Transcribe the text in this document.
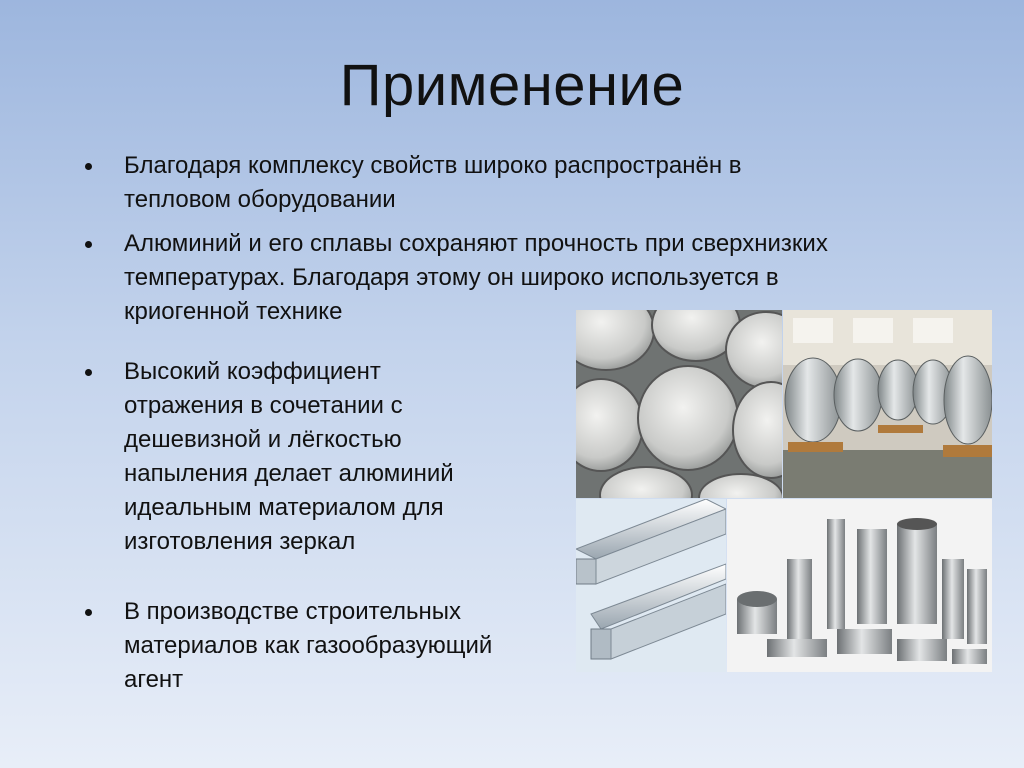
Применение
Благодаря комплексу свойств широко распространён в
тепловом оборудовании
Алюминий и его сплавы сохраняют прочность при сверхнизких
температурах. Благодаря этому он широко используется в
криогенной технике
Высокий коэффициент
отражения в сочетании с
дешевизной и лёгкостью
напыления делает алюминий
идеальным материалом для
изготовления зеркал
В производстве строительных
материалов как газообразующий
агент
